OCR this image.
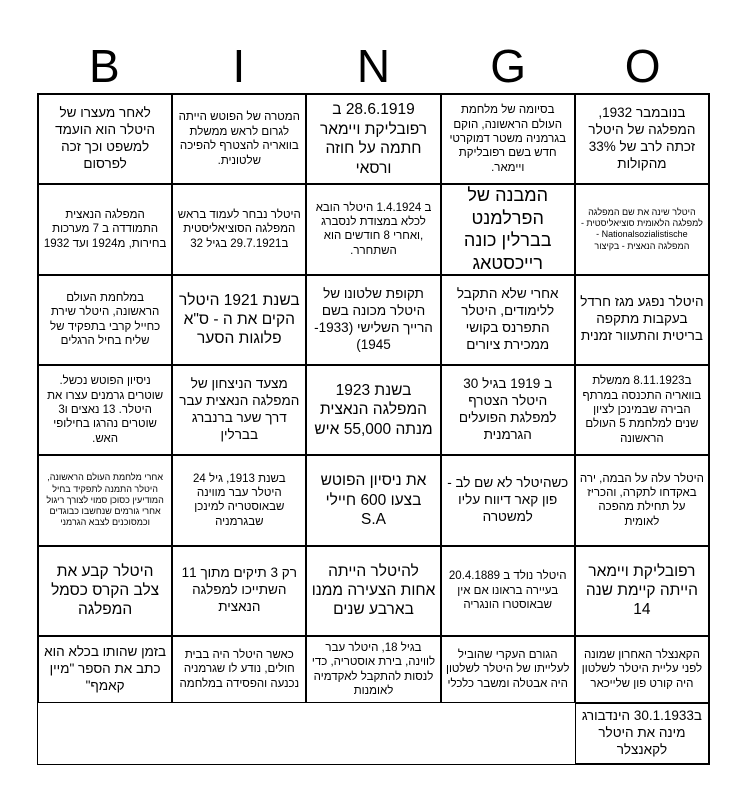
B	I	N	G	O
בנובמבר 1932, המפלגה של היטלר זכתה לרב של 33% מהקולות
בסיומה של מלחמת העולם הראשונה, הוקם בגרמניה משטר דמוקרטי חדש בשם רפובליקת ויימאר.
28.6.1919 ב רפובליקת ויימאר חתמה על חוזה ורסאי
המטרה של הפוטש הייתה לגרום לראש ממשלת בוואריה להצטרף להפיכה שלטונית.
לאחר מעצרו של היטלר הוא הועמד למשפט וכך זכה לפרסום
היטלר שינה את שם המפלגה למפלגה הלאומית סוציאליסטית - Nationalsozialistische - המפלגה הנאצית - בקיצור
המבנה של הפרלמנט בברלין כונה רייכסטאג
ב 1.4.1924 היטלר הובא לכלא במצודת לנסברג ,ואחרי 8 חודשים הוא השתחרר.
היטלר נבחר לעמוד בראש המפלגה הסוציאליסטית ב29.7.1921 בגיל 32
המפלגה הנאצית התמודדה ב 7 מערכות בחירות, מ1924 ועד 1932
היטלר נפגע מגז חרדל בעקבות מתקפה בריטית והתעוור זמנית
אחרי שלא התקבל ללימודים, היטלר התפרנס בקושי ממכירת ציורים
תקופת שלטונו של היטלר מכונה בשם הרייך השלישי (1933- 1945)
בשנת 1921 היטלר הקים את ה - ס"א פלוגות הסער
במלחמת העולם הראשונה, היטלר שירת כחייל קרבי בתפקיד של שליח בחיל הרגלים
ב8.11.1923 ממשלת בוואריה התכנסה במרתף הבירה שבמינכן לציון שנים למלחמת 5 העולם הראשונה
ב 1919 בגיל 30 היטלר הצטרף למפלגת הפועלים הגרמנית
בשנת 1923 המפלגה הנאצית מנתה 55,000 איש
מצעד הניצחון של המפלגה הנאצית עבר דרך שער ברנברג בברלין
ניסיון הפוטש נכשל. שוטרים גרמנים עצרו את היטלר. 13 נאצים ו3 שוטרים נהרגו בחילופי האש.
היטלר עלה על הבמה, ירה באקדחו לתקרה, והכריז על תחילת מהפכה לאומית
כשהיטלר לא שם לב - פון קאר דיווח עליו למשטרה
את ניסיון הפוטש בצעו 600 חיילי S.A
בשנת 1913, גיל 24 היטלר עבר מווינה שבאוסטריה למינכן שבגרמניה
אחרי מלחמת העולם הראשונה, היטלר התמנה לתפקיד בחיל המודיעין כסוכן סמוי לצורך ריגול אחרי גורמים שנחשבו כבוגדים וכמסוכנים לצבא הגרמני
רפובליקת ויימאר הייתה קיימת שנה 14
היטלר נולד ב 20.4.1889 בעיירה בראונו אם אין שבאוסטרו הונגריה
להיטלר הייתה אחות הצעירה ממנו בארבע שנים
רק 3 תיקים מתוך 11 השתייכו למפלגה הנאצית
היטלר קבע את צלב הקרס כסמל המפלגה
הקאנצלר האחרון שמונה לפני עליית היטלר לשלטון היה קורט פון שלייכאר
הגורם העקרי שהוביל לעלייתו של היטלר לשלטון היה אבטלה ומשבר כלכלי
בגיל 18, היטלר עבר לווינה, בירת אוסטריה, כדי לנסות להתקבל לאקדמיה לאומנות
כאשר היטלר היה בבית חולים, נודע לו שגרמניה נכנעה והפסידה במלחמה
בזמן שהותו בכלא הוא כתב את הספר "מיין קאמף"
ב30.1.1933 הינדבורג מינה את היטלר לקאנצלר
